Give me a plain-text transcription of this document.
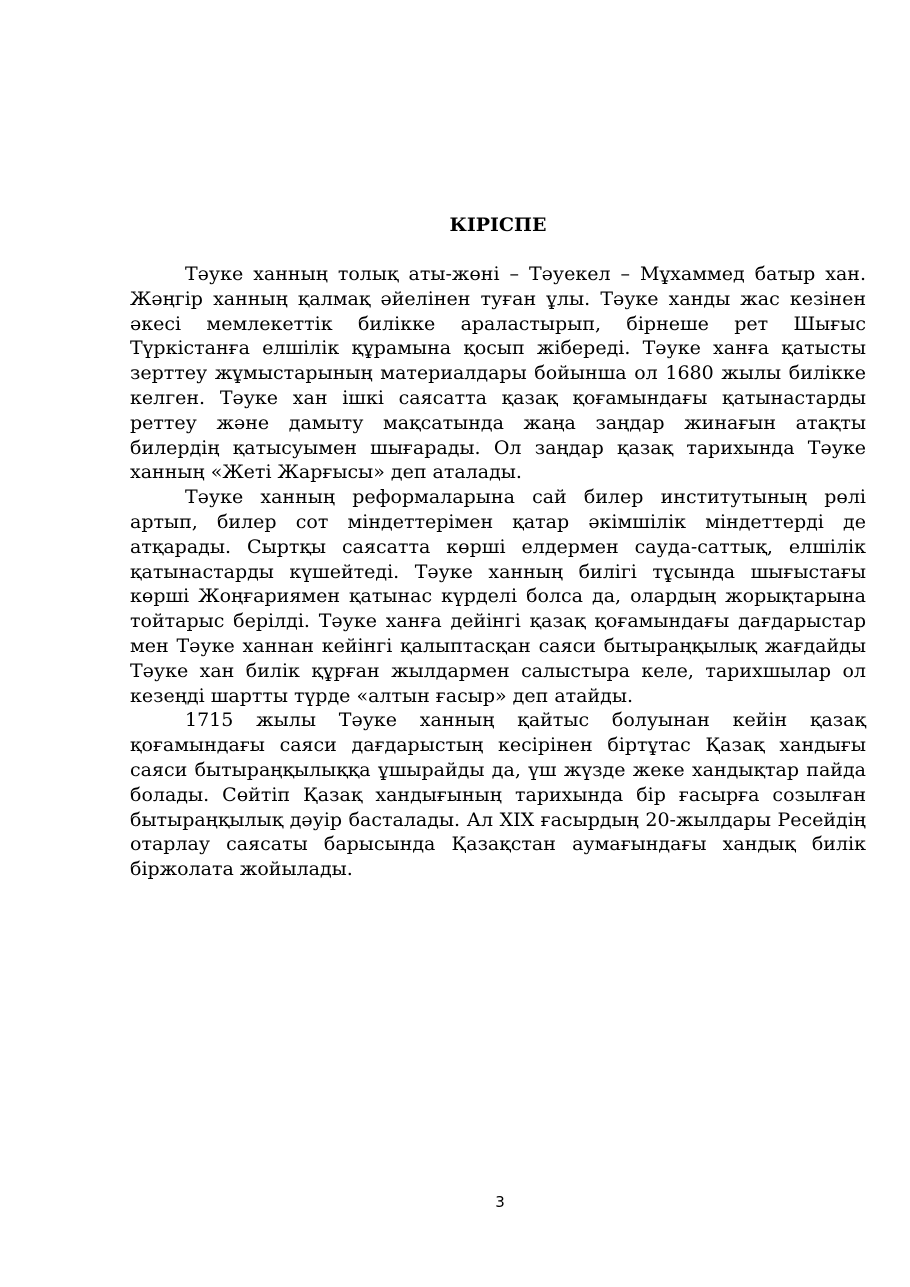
КІРІСПЕ

Тәуке ханның толық аты-жөні – Тәуекел – Мұхаммед батыр хан. Жәңгір ханның қалмақ әйелінен туған ұлы. Тәуке ханды жас кезінен әкесі мемлекеттік билікке араластырып, бірнеше рет Шығыс Түркістанға елшілік құрамына қосып жібереді. Тәуке ханға қатысты зерттеу жұмыстарының материалдары бойынша ол 1680 жылы билікке келген. Тәуке хан ішкі саясатта қазақ қоғамындағы қатынастарды реттеу және дамыту мақсатында жаңа заңдар жинағын атақты билердің қатысуымен шығарады. Ол заңдар қазақ тарихында Тәуке ханның «Жеті Жарғысы» деп аталады.

Тәуке ханның реформаларына сай билер институтының рөлі артып, билер сот міндеттерімен қатар әкімшілік міндеттерді де атқарады. Сыртқы саясатта көрші елдермен сауда-саттық, елшілік қатынастарды күшейтеді. Тәуке ханның билігі тұсында шығыстағы көрші Жоңғариямен қатынас күрделі болса да, олардың жорықтарына тойтарыс берілді. Тәуке ханға дейінгі қазақ қоғамындағы дағдарыстар мен Тәуке ханнан кейінгі қалыптасқан саяси бытыраңқылық жағдайды Тәуке хан билік құрған жылдармен салыстыра келе, тарихшылар ол кезеңді шартты түрде «алтын ғасыр» деп атайды.

1715 жылы Тәуке ханның қайтыс болуынан кейін қазақ қоғамындағы саяси дағдарыстың кесірінен біртұтас Қазақ хандығы саяси бытыраңқылыққа ұшырайды да, үш жүзде жеке хандықтар пайда болады. Сөйтіп Қазақ хандығының тарихында бір ғасырға созылған бытыраңқылық дәуір басталады. Ал XIX ғасырдың 20-жылдары Ресейдің отарлау саясаты барысында Қазақстан аумағындағы хандық билік біржолата жойылады.

3
